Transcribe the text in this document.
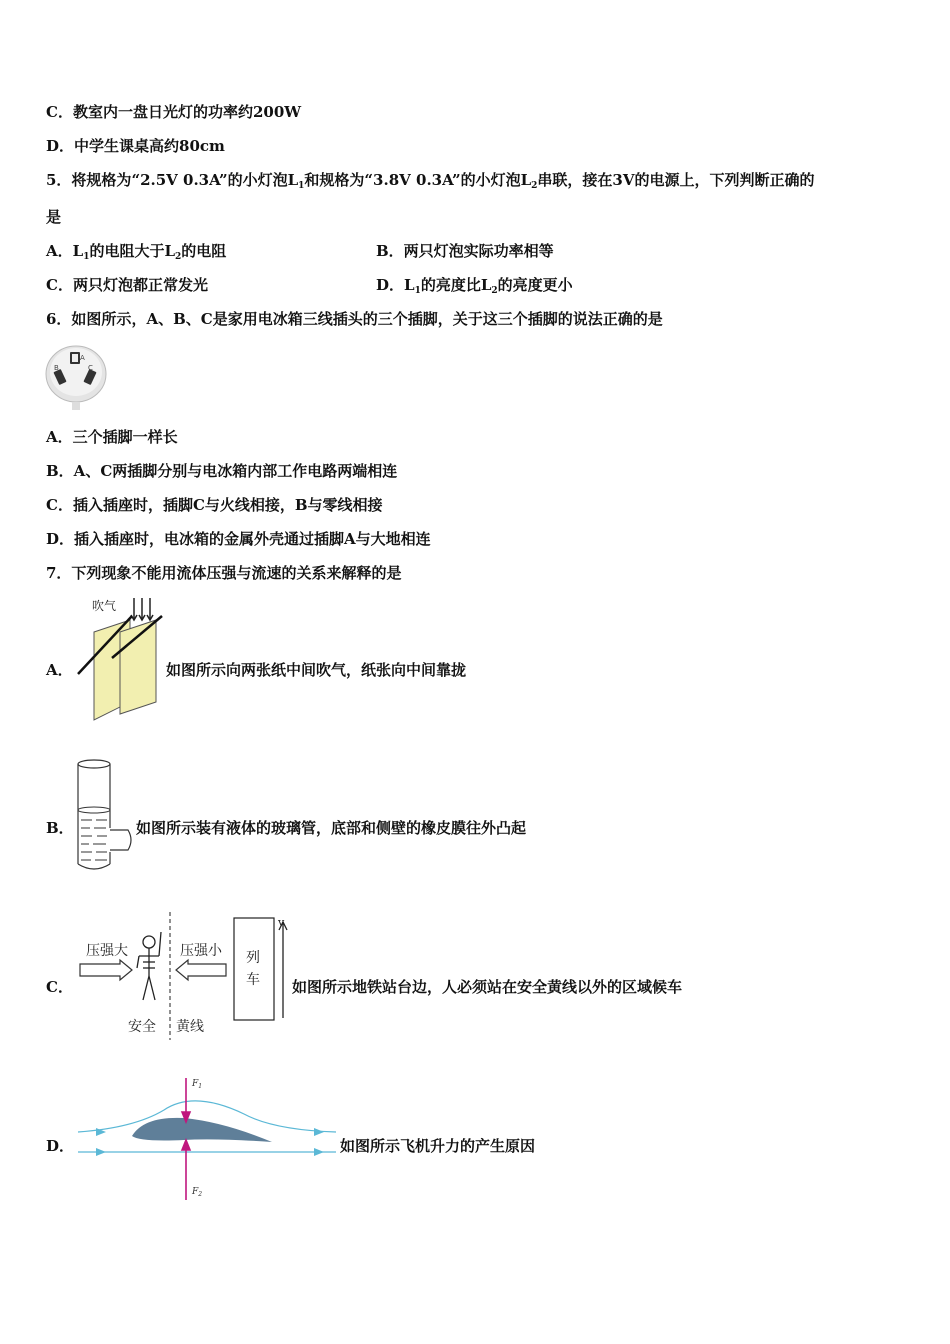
C．教室内一盘日光灯的功率约200W
D．中学生课桌高约80cm
5．将规格为“2.5V 0.3A”的小灯泡$L_1$和规格为“3.8V 0.3A”的小灯泡$L_2$串联，接在3V的电源上，下列判断正确的
是
A．$L_1$的电阻大于$L_2$的电阻	B．两只灯泡实际功率相等
C．两只灯泡都正常发光	D．$L_1$的亮度比$L_2$的亮度更小
6．如图所示，A、B、C是家用电冰箱三线插头的三个插脚，关于这三个插脚的说法正确的是
A
B	C
A．三个插脚一样长
B．A、C两插脚分别与电冰箱内部工作电路两端相连
C．插入插座时，插脚C与火线相接，B与零线相接
D．插入插座时，电冰箱的金属外壳通过插脚A与大地相连
7．下列现象不能用流体压强与流速的关系来解释的是
A．
吹气
如图所示向两张纸中间吹气，纸张向中间靠拢
B．	如图所示装有液体的玻璃管，底部和侧壁的橡皮膜往外凸起
C．
压强大	压强小 列
车
v
安全 黄线
如图所示地铁站台边，人必须站在安全黄线以外的区域候车
D．
$F_1$
$F_2$
如图所示飞机升力的产生原因
